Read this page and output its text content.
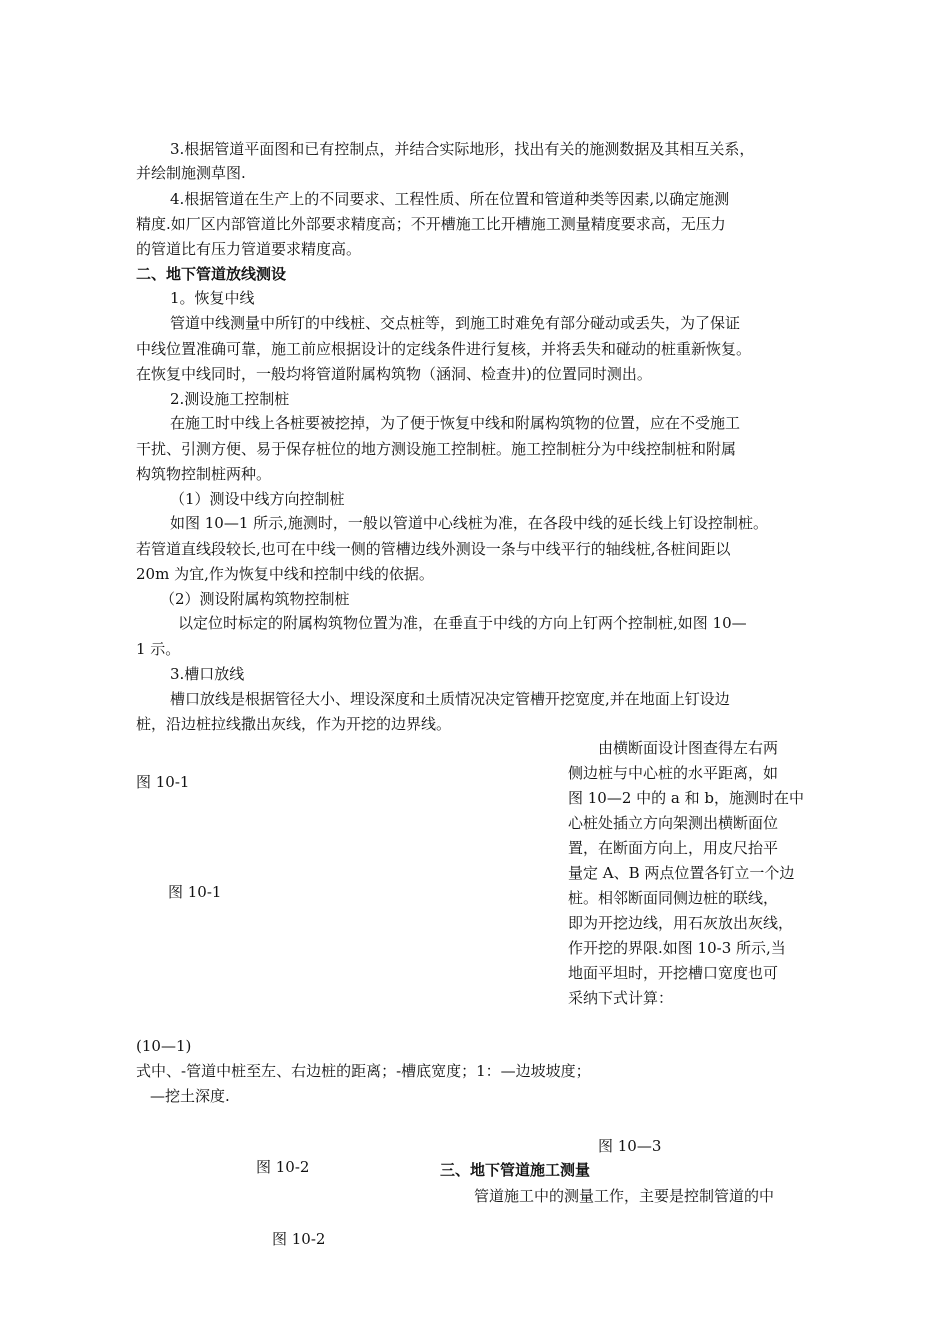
3.根据管道平面图和已有控制点，并结合实际地形，找出有关的施测数据及其相互关系，
并绘制施测草图.
4.根据管道在生产上的不同要求、工程性质、所在位置和管道种类等因素,以确定施测
精度.如厂区内部管道比外部要求精度高；不开槽施工比开槽施工测量精度要求高，无压力
的管道比有压力管道要求精度高。
二、地下管道放线测设
1。恢复中线
管道中线测量中所钉的中线桩、交点桩等，到施工时难免有部分碰动或丢失，为了保证
中线位置准确可靠，施工前应根据设计的定线条件进行复核，并将丢失和碰动的桩重新恢复。
在恢复中线同时，一般均将管道附属构筑物（涵洞、检查井)的位置同时测出。
2.测设施工控制桩
在施工时中线上各桩要被挖掉，为了便于恢复中线和附属构筑物的位置，应在不受施工
干扰、引测方便、易于保存桩位的地方测设施工控制桩。施工控制桩分为中线控制桩和附属
构筑物控制桩两种。
（1）测设中线方向控制桩
如图 10—1 所示,施测时，一般以管道中心线桩为准，在各段中线的延长线上钉设控制桩。
若管道直线段较长,也可在中线一侧的管槽边线外测设一条与中线平行的轴线桩,各桩间距以
20m 为宜,作为恢复中线和控制中线的依据。
（2）测设附属构筑物控制桩
以定位时标定的附属构筑物位置为准，在垂直于中线的方向上钉两个控制桩,如图 10—
1 示。
3.槽口放线
槽口放线是根据管径大小、埋设深度和土质情况决定管槽开挖宽度,并在地面上钉设边
桩，沿边桩拉线撒出灰线，作为开挖的边界线。
图 10-1
图 10-1
由横断面设计图查得左右两
侧边桩与中心桩的水平距离，如
图 10—2 中的 a 和 b，施测时在中
心桩处插立方向架测出横断面位
置，在断面方向上，用皮尺抬平
量定 A、B 两点位置各钉立一个边
桩。相邻断面同侧边桩的联线，
即为开挖边线，用石灰放出灰线，
作开挖的界限.如图 10-3 所示,当
地面平坦时，开挖槽口宽度也可
采纳下式计算：
(10—1)
式中、-管道中桩至左、右边桩的距离；-槽底宽度；1：—边坡坡度；
—挖土深度.
图 10—3
图 10-2	三、地下管道施工测量
管道施工中的测量工作，主要是控制管道的中
图 10-2
